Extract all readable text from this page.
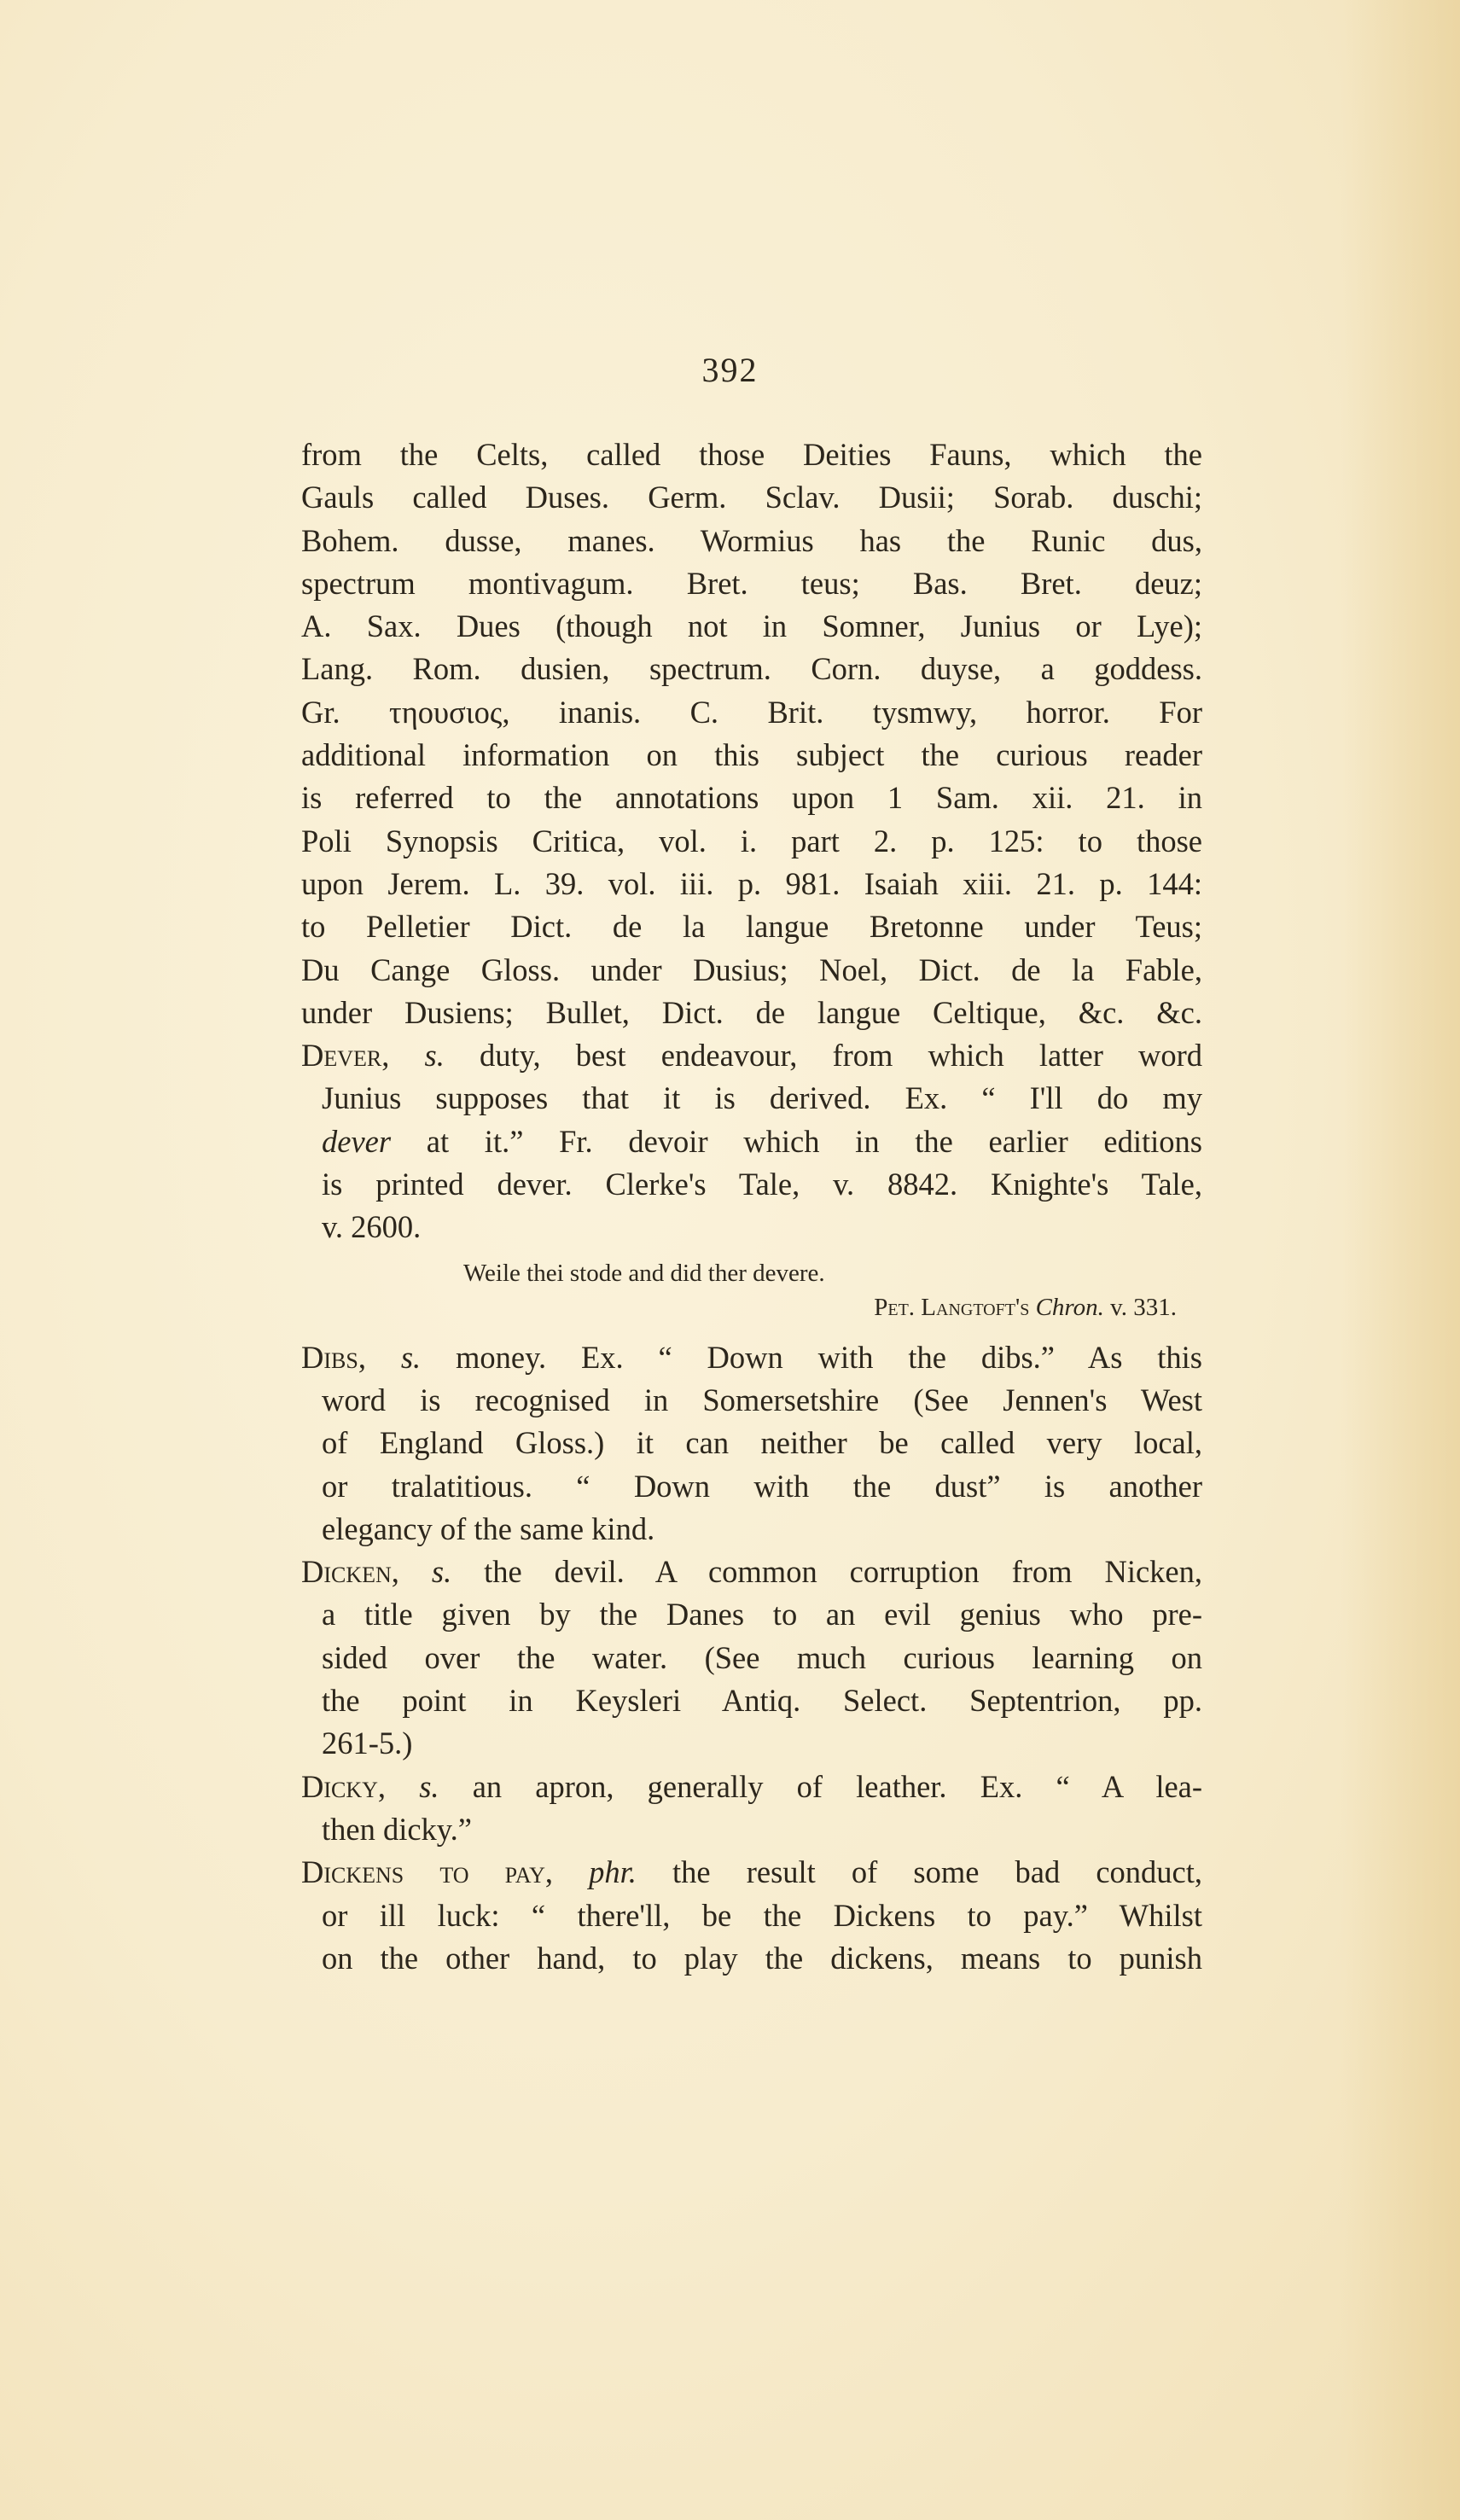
392
from the Celts, called those Deities Fauns, which the
Gauls called Duses. Germ. Sclav. Dusii; Sorab. duschi;
Bohem. dusse, manes. Wormius has the Runic dus,
spectrum montivagum. Bret. teus; Bas. Bret. deuz;
A. Sax. Dues (though not in Somner, Junius or Lye);
Lang. Rom. dusien, spectrum. Corn. duyse, a goddess.
Gr. τηουσιος, inanis. C. Brit. tysmwy, horror. For
additional information on this subject the curious reader
is referred to the annotations upon 1 Sam. xii. 21. in
Poli Synopsis Critica, vol. i. part 2. p. 125: to those
upon Jerem. L. 39. vol. iii. p. 981. Isaiah xiii. 21. p. 144:
to Pelletier Dict. de la langue Bretonne under Teus;
Du Cange Gloss. under Dusius; Noel, Dict. de la Fable,
under Dusiens; Bullet, Dict. de langue Celtique, &c. &c.
Dever, s. duty, best endeavour, from which latter word
Junius supposes that it is derived. Ex. “ I'll do my
dever at it.” Fr. devoir which in the earlier editions
is printed dever. Clerke's Tale, v. 8842. Knighte's Tale,
v. 2600.
Weile thei stode and did ther devere.
Pet. Langtoft's Chron. v. 331.
Dibs, s. money. Ex. “ Down with the dibs.” As this
word is recognised in Somersetshire (See Jennen's West
of England Gloss.) it can neither be called very local,
or tralatitious. “ Down with the dust” is another
elegancy of the same kind.
Dicken, s. the devil. A common corruption from Nicken,
a title given by the Danes to an evil genius who pre-
sided over the water. (See much curious learning on
the point in Keysleri Antiq. Select. Septentrion, pp.
261-5.)
Dicky, s. an apron, generally of leather. Ex. “ A lea-
then dicky.”
Dickens to pay, phr. the result of some bad conduct,
or ill luck: “ there'll, be the Dickens to pay.” Whilst
on the other hand, to play the dickens, means to punish
